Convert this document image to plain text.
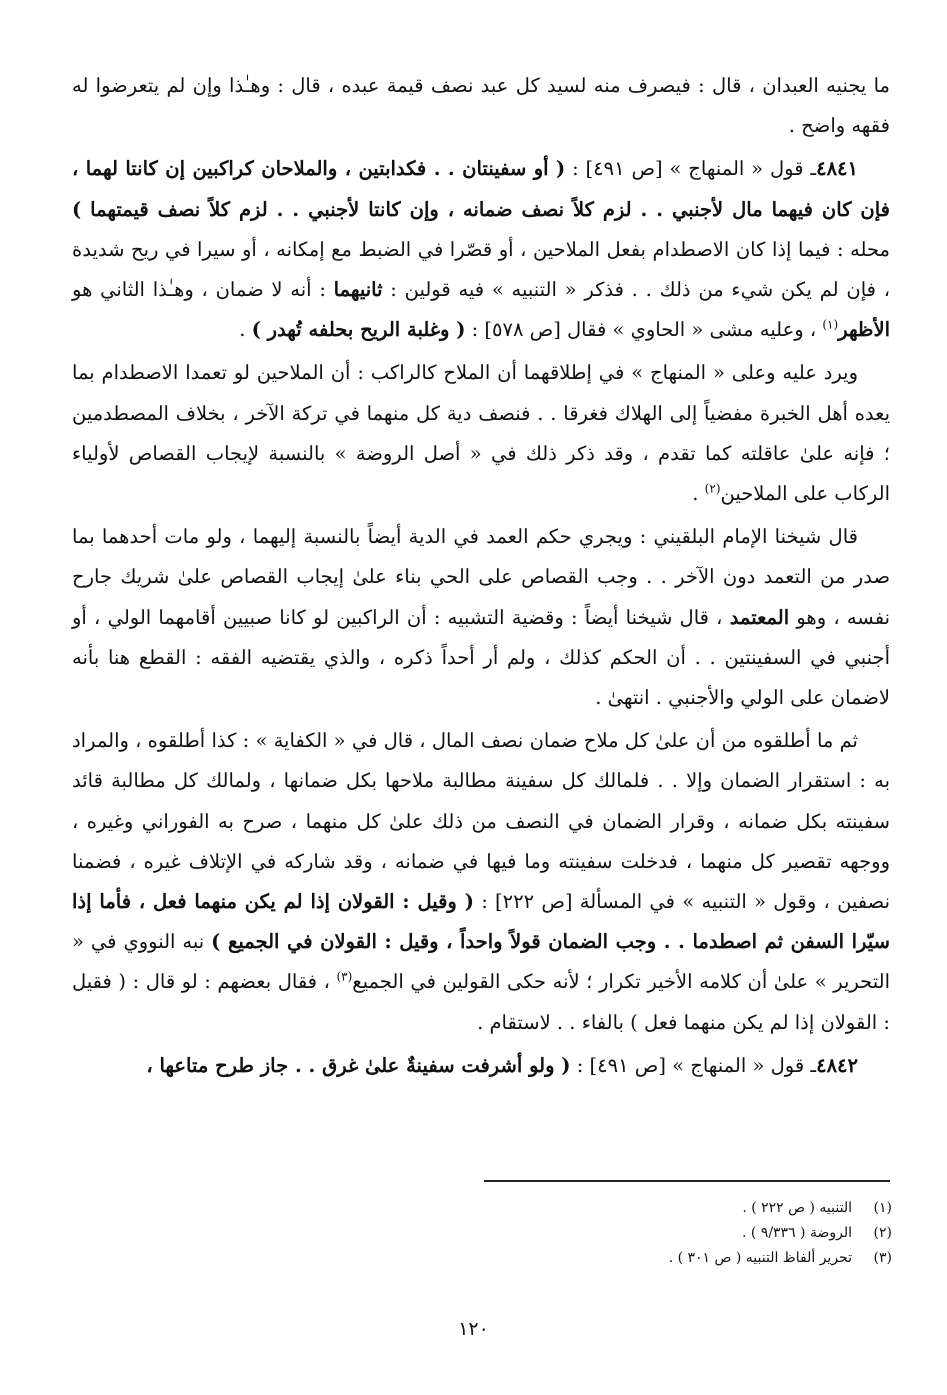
ما يجنيه العبدان ، قال : فيصرف منه لسيد كل عبد نصف قيمة عبده ، قال : وهـٰذا وإن لم يتعرضوا له فقهه واضح .

٤٨٤١ـ قول « المنهاج » [ص ٤٩١] : ( أو سفينتان . . فكدابتين ، والملاحان كراكبين إن كانتا لهما ، فإن كان فيهما مال لأجنبي . . لزم كلاً نصف ضمانه ، وإن كانتا لأجنبي . . لزم كلاً نصف قيمتهما ) محله : فيما إذا كان الاصطدام بفعل الملاحين ، أو قصّرا في الضبط مع إمكانه ، أو سيرا في ريح شديدة ، فإن لم يكن شيء من ذلك . . فذكر « التنبيه » فيه قولين : ثانيهما : أنه لا ضمان ، وهـٰذا الثاني هو الأظهر$^{(١)}$ ، وعليه مشى « الحاوي » فقال [ص ٥٧٨] : ( وغلبة الريح بحلفه تُهدر ) .

ويرد عليه وعلى « المنهاج » في إطلاقهما أن الملاح كالراكب : أن الملاحين لو تعمدا الاصطدام بما يعده أهل الخبرة مفضياً إلى الهلاك فغرقا . . فنصف دية كل منهما في تركة الآخر ، بخلاف المصطدمين ؛ فإنه علىٰ عاقلته كما تقدم ، وقد ذكر ذلك في « أصل الروضة » بالنسبة لإيجاب القصاص لأولياء الركاب على الملاحين$^{(٢)}$ .

قال شيخنا الإمام البلقيني : ويجري حكم العمد في الدية أيضاً بالنسبة إليهما ، ولو مات أحدهما بما صدر من التعمد دون الآخر . . وجب القصاص على الحي بناء علىٰ إيجاب القصاص علىٰ شريك جارح نفسه ، وهو المعتمد ، قال شيخنا أيضاً : وقضية التشبيه : أن الراكبين لو كانا صبيين أقامهما الولي ، أو أجنبي في السفينتين . . أن الحكم كذلك ، ولم أر أحداً ذكره ، والذي يقتضيه الفقه : القطع هنا بأنه لاضمان على الولي والأجنبي . انتهىٰ .

ثم ما أطلقوه من أن علىٰ كل ملاح ضمان نصف المال ، قال في « الكفاية » : كذا أطلقوه ، والمراد به : استقرار الضمان وإلا . . فلمالك كل سفينة مطالبة ملاحها بكل ضمانها ، ولمالك كل مطالبة قائد سفينته بكل ضمانه ، وقرار الضمان في النصف من ذلك علىٰ كل منهما ، صرح به الفوراني وغيره ، ووجهه تقصير كل منهما ، فدخلت سفينته وما فيها في ضمانه ، وقد شاركه في الإتلاف غيره ، فضمنا نصفين ، وقول « التنبيه » في المسألة [ص ٢٢٢] : ( وقيل : القولان إذا لم يكن منهما فعل ، فأما إذا سيّرا السفن ثم اصطدما . . وجب الضمان قولاً واحداً ، وقيل : القولان في الجميع ) نبه النووي في « التحرير » علىٰ أن كلامه الأخير تكرار ؛ لأنه حكى القولين في الجميع$^{(٣)}$ ، فقال بعضهم : لو قال : ( فقيل : القولان إذا لم يكن منهما فعل ) بالفاء . . لاستقام .

٤٨٤٢ـ قول « المنهاج » [ص ٤٩١] : ( ولو أشرفت سفينةٌ علىٰ غرق . . جاز طرح متاعها ،

(١)
التنبيه ( ص ٢٢٢ ) .
(٢)
الروضة ( ٩/٣٣٦ ) .
(٣)
تحرير ألفاظ التنبيه ( ص ٣٠١ ) .
١٢٠
